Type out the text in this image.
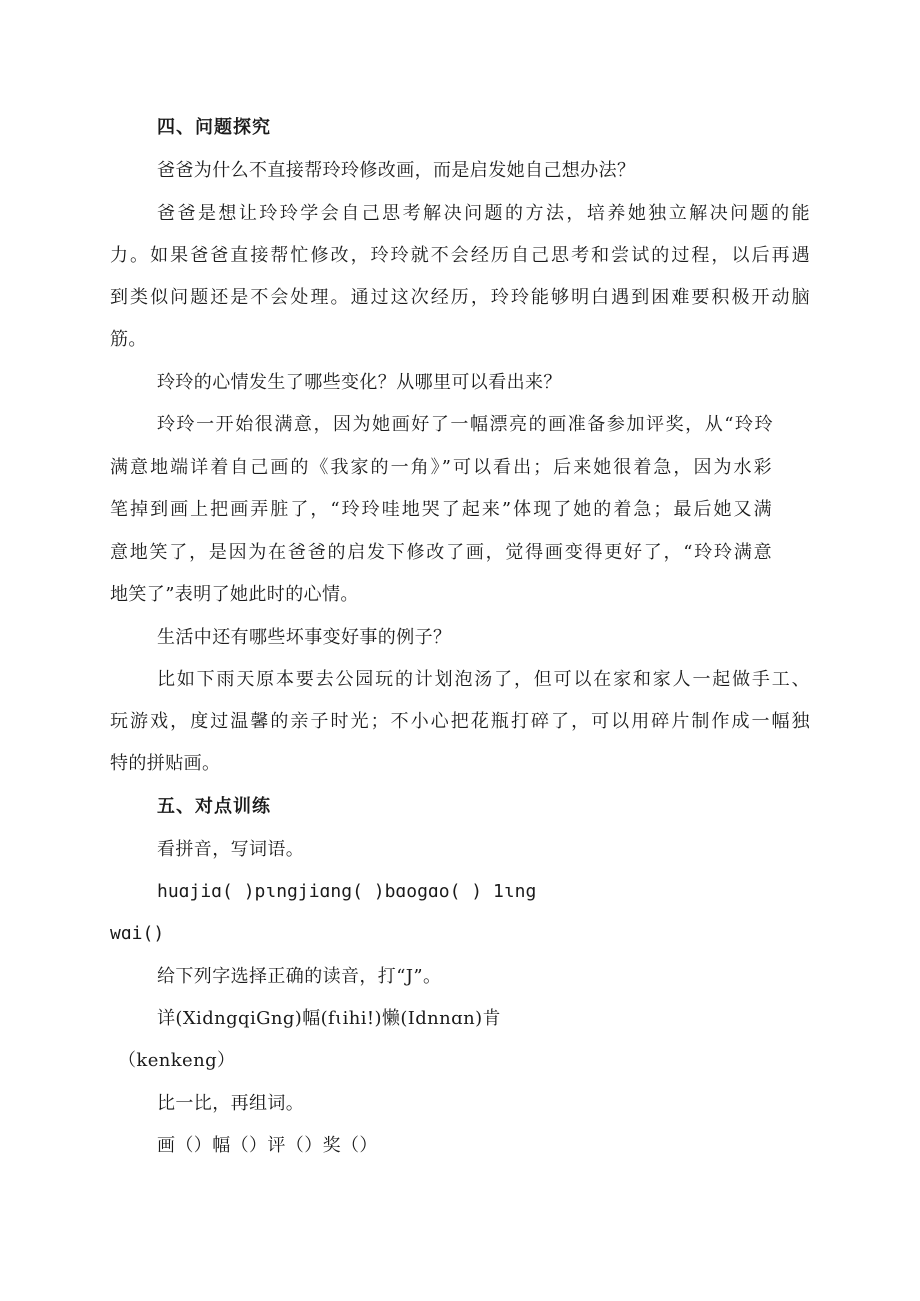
四、问题探究
爸爸为什么不直接帮玲玲修改画，而是启发她自己想办法？
爸爸是想让玲玲学会自己思考解决问题的方法，培养她独立解决问题的能
力。如果爸爸直接帮忙修改，玲玲就不会经历自己思考和尝试的过程，以后再遇
到类似问题还是不会处理。通过这次经历，玲玲能够明白遇到困难要积极开动脑
筋。
玲玲的心情发生了哪些变化？从哪里可以看出来？
玲玲一开始很满意，因为她画好了一幅漂亮的画准备参加评奖，从“玲玲
满意地端详着自己画的《我家的一角》”可以看出；后来她很着急，因为水彩
笔掉到画上把画弄脏了，“玲玲哇地哭了起来”体现了她的着急；最后她又满
意地笑了，是因为在爸爸的启发下修改了画，觉得画变得更好了，“玲玲满意
地笑了”表明了她此时的心情。
生活中还有哪些坏事变好事的例子？
比如下雨天原本要去公园玩的计划泡汤了，但可以在家和家人一起做手工、
玩游戏，度过温馨的亲子时光；不小心把花瓶打碎了，可以用碎片制作成一幅独
特的拼贴画。
五、对点训练
看拼音，写词语。
huɑjiɑ( )pɩngjiɑng( )bɑogɑo( ) 1ɩng
wɑi()
给下列字选择正确的读音，打“J”。
详(XidngqiGng)幅(fɩihi!)懒(Idnnɑn)肯
（kenkeng）
比一比，再组词。
画（）幅（）评（）奖（）
